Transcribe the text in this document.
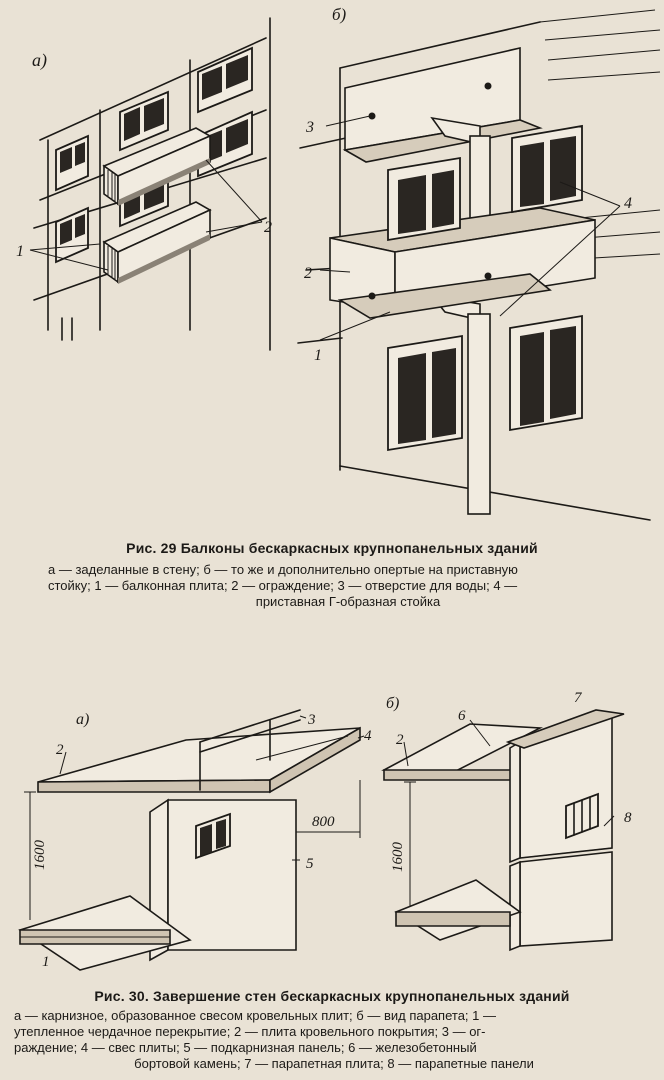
а)
1
2
б)
3
4
2
1
Рис. 29 Балконы бескаркасных крупнопанельных зданий
а — заделанные в стену; б — то же и дополнительно опертые на приставную
стойку; 1 — балконная плита; 2 — ограждение; 3 — отверстие для воды; 4 —
приставная Г-образная стойка
а)
2
3
4
5
1
800
1600
б)
2
6
7
8
1600
Рис. 30. Завершение стен бескаркасных крупнопанельных зданий
а — карнизное, образованное свесом кровельных плит; б — вид парапета; 1 —
утепленное чердачное перекрытие; 2 — плита кровельного покрытия; 3 — ог-
раждение; 4 — свес плиты; 5 — подкарнизная панель; 6 — железобетонный
бортовой камень; 7 — парапетная плита; 8 — парапетные панели
